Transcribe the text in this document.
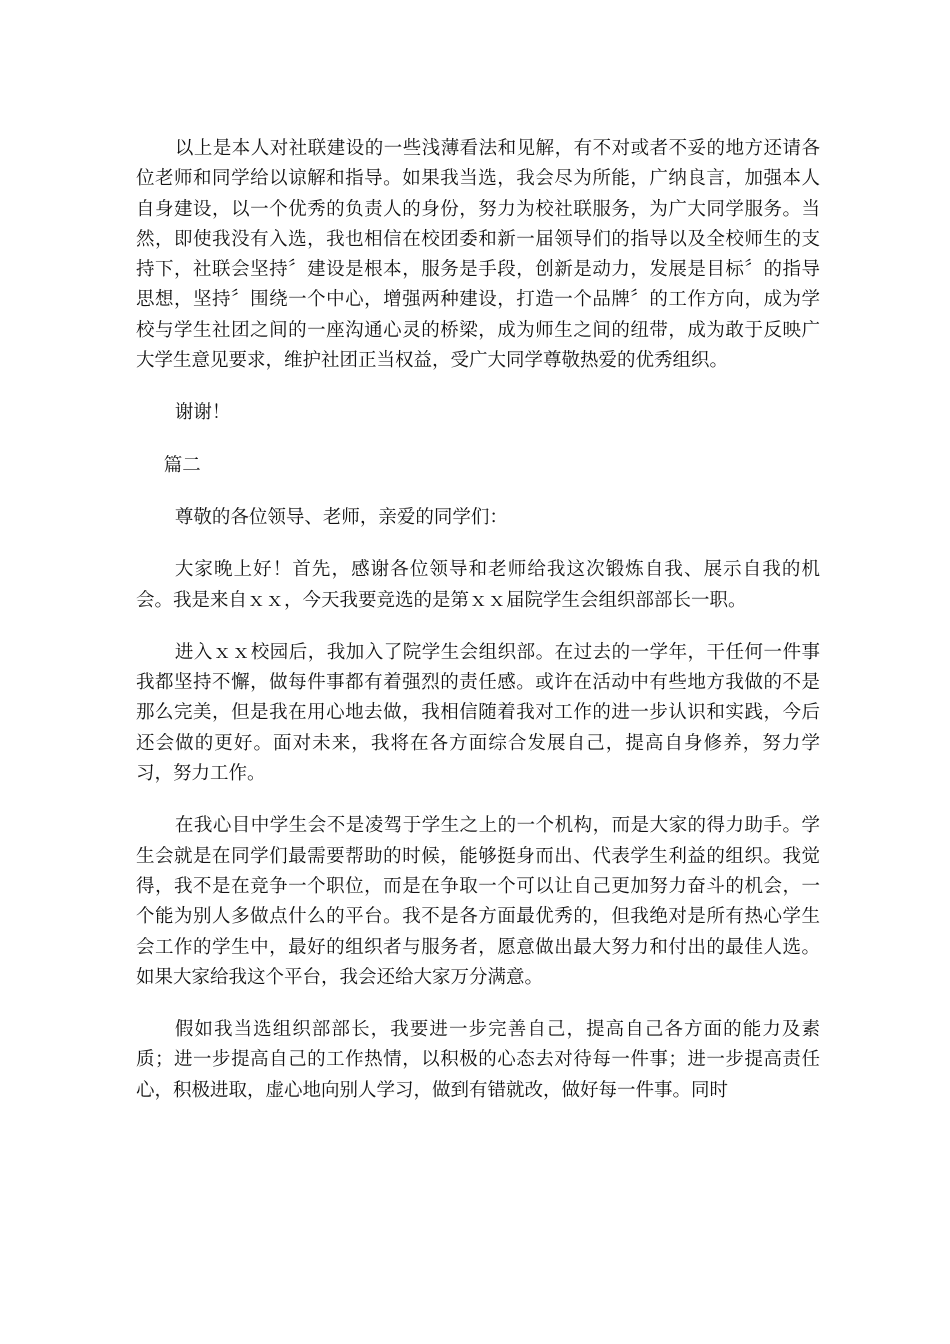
以上是本人对社联建设的一些浅薄看法和见解，有不对或者不妥的地方还请各位老师和同学给以谅解和指导。如果我当选，我会尽为所能，广纳良言，加强本人自身建设，以一个优秀的负责人的身份，努力为校社联服务，为广大同学服务。当然，即使我没有入选，我也相信在校团委和新一届领导们的指导以及全校师生的支持下，社联会坚持〞建设是根本，服务是手段，创新是动力，发展是目标〞的指导思想，坚持〞围绕一个中心，增强两种建设，打造一个品牌〞的工作方向，成为学校与学生社团之间的一座沟通心灵的桥梁，成为师生之间的纽带，成为敢于反映广大学生意见要求，维护社团正当权益，受广大同学尊敬热爱的优秀组织。

谢谢！

篇二

尊敬的各位领导、老师，亲爱的同学们：

大家晚上好！首先，感谢各位领导和老师给我这次锻炼自我、展示自我的机会。我是来自ｘｘ，今天我要竞选的是第ｘｘ届院学生会组织部部长一职。

进入ｘｘ校园后，我加入了院学生会组织部。在过去的一学年，干任何一件事我都坚持不懈，做每件事都有着强烈的责任感。或许在活动中有些地方我做的不是那么完美，但是我在用心地去做，我相信随着我对工作的进一步认识和实践，今后还会做的更好。面对未来，我将在各方面综合发展自己，提高自身修养，努力学习，努力工作。

在我心目中学生会不是凌驾于学生之上的一个机构，而是大家的得力助手。学生会就是在同学们最需要帮助的时候，能够挺身而出、代表学生利益的组织。我觉得，我不是在竞争一个职位，而是在争取一个可以让自己更加努力奋斗的机会，一个能为别人多做点什么的平台。我不是各方面最优秀的，但我绝对是所有热心学生会工作的学生中，最好的组织者与服务者，愿意做出最大努力和付出的最佳人选。如果大家给我这个平台，我会还给大家万分满意。

假如我当选组织部部长，我要进一步完善自己，提高自己各方面的能力及素质；进一步提高自己的工作热情，以积极的心态去对待每一件事；进一步提高责任心，积极进取，虚心地向别人学习，做到有错就改，做好每一件事。同时
